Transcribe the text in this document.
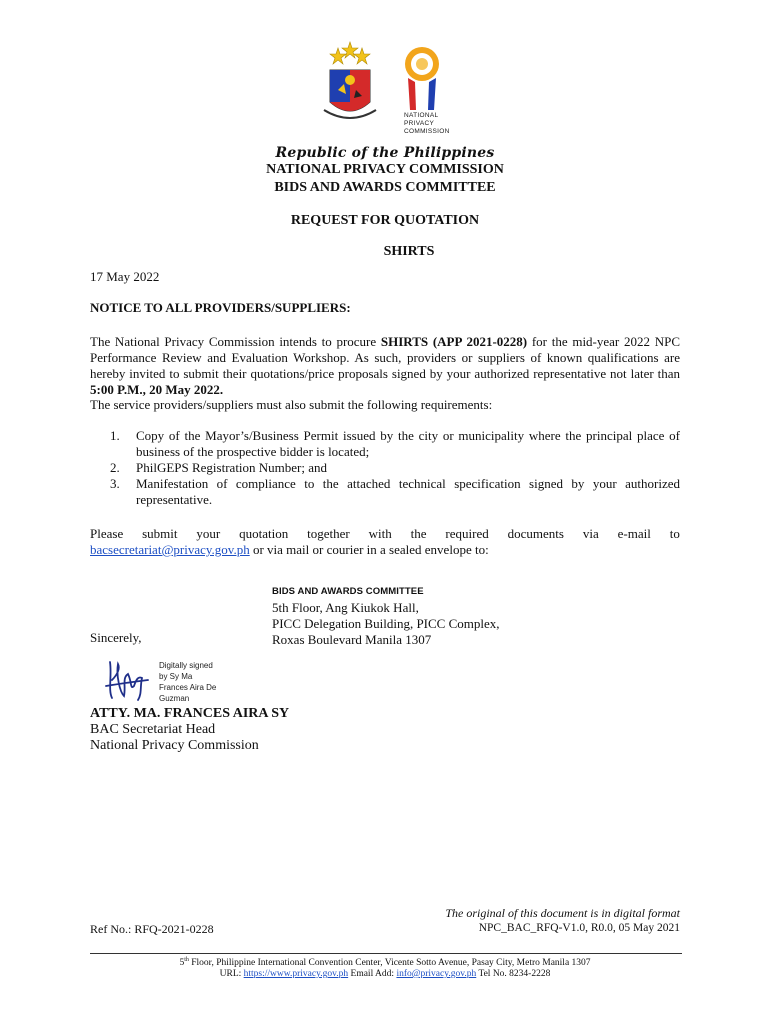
NATIONAL
PRIVACY
COMMISSION
Republic of the Philippines
NATIONAL PRIVACY COMMISSION
BIDS AND AWARDS COMMITTEE
REQUEST FOR QUOTATION
SHIRTS
17 May 2022
NOTICE TO ALL PROVIDERS/SUPPLIERS:
The National Privacy Commission intends to procure SHIRTS (APP 2021-0228) for the mid-year 2022 NPC Performance Review and Evaluation Workshop. As such, providers or suppliers of known qualifications are hereby invited to submit their quotations/price proposals signed by your authorized representative not later than 5:00 P.M., 20 May 2022.
The service providers/suppliers must also submit the following requirements:
1. Copy of the Mayor’s/Business Permit issued by the city or municipality where the principal place of business of the prospective bidder is located;
2. PhilGEPS Registration Number; and
3. Manifestation of compliance to the attached technical specification signed by your authorized representative.
Please submit your quotation together with the required documents via e-mail to
bacsecretariat@privacy.gov.ph or via mail or courier in a sealed envelope to:
BIDS AND AWARDS COMMITTEE
5th Floor, Ang Kiukok Hall,
PICC Delegation Building, PICC Complex,
Roxas Boulevard Manila 1307
Sincerely,
Digitally signed
by Sy Ma
Frances Aira De
Guzman
ATTY. MA. FRANCES AIRA SY
BAC Secretariat Head
National Privacy Commission
The original of this document is in digital format
Ref No.: RFQ-2021-0228	NPC_BAC_RFQ-V1.0, R0.0, 05 May 2021
5th Floor, Philippine International Convention Center, Vicente Sotto Avenue, Pasay City, Metro Manila 1307
URL: https://www.privacy.gov.ph Email Add: info@privacy.gov.ph Tel No. 8234-2228
